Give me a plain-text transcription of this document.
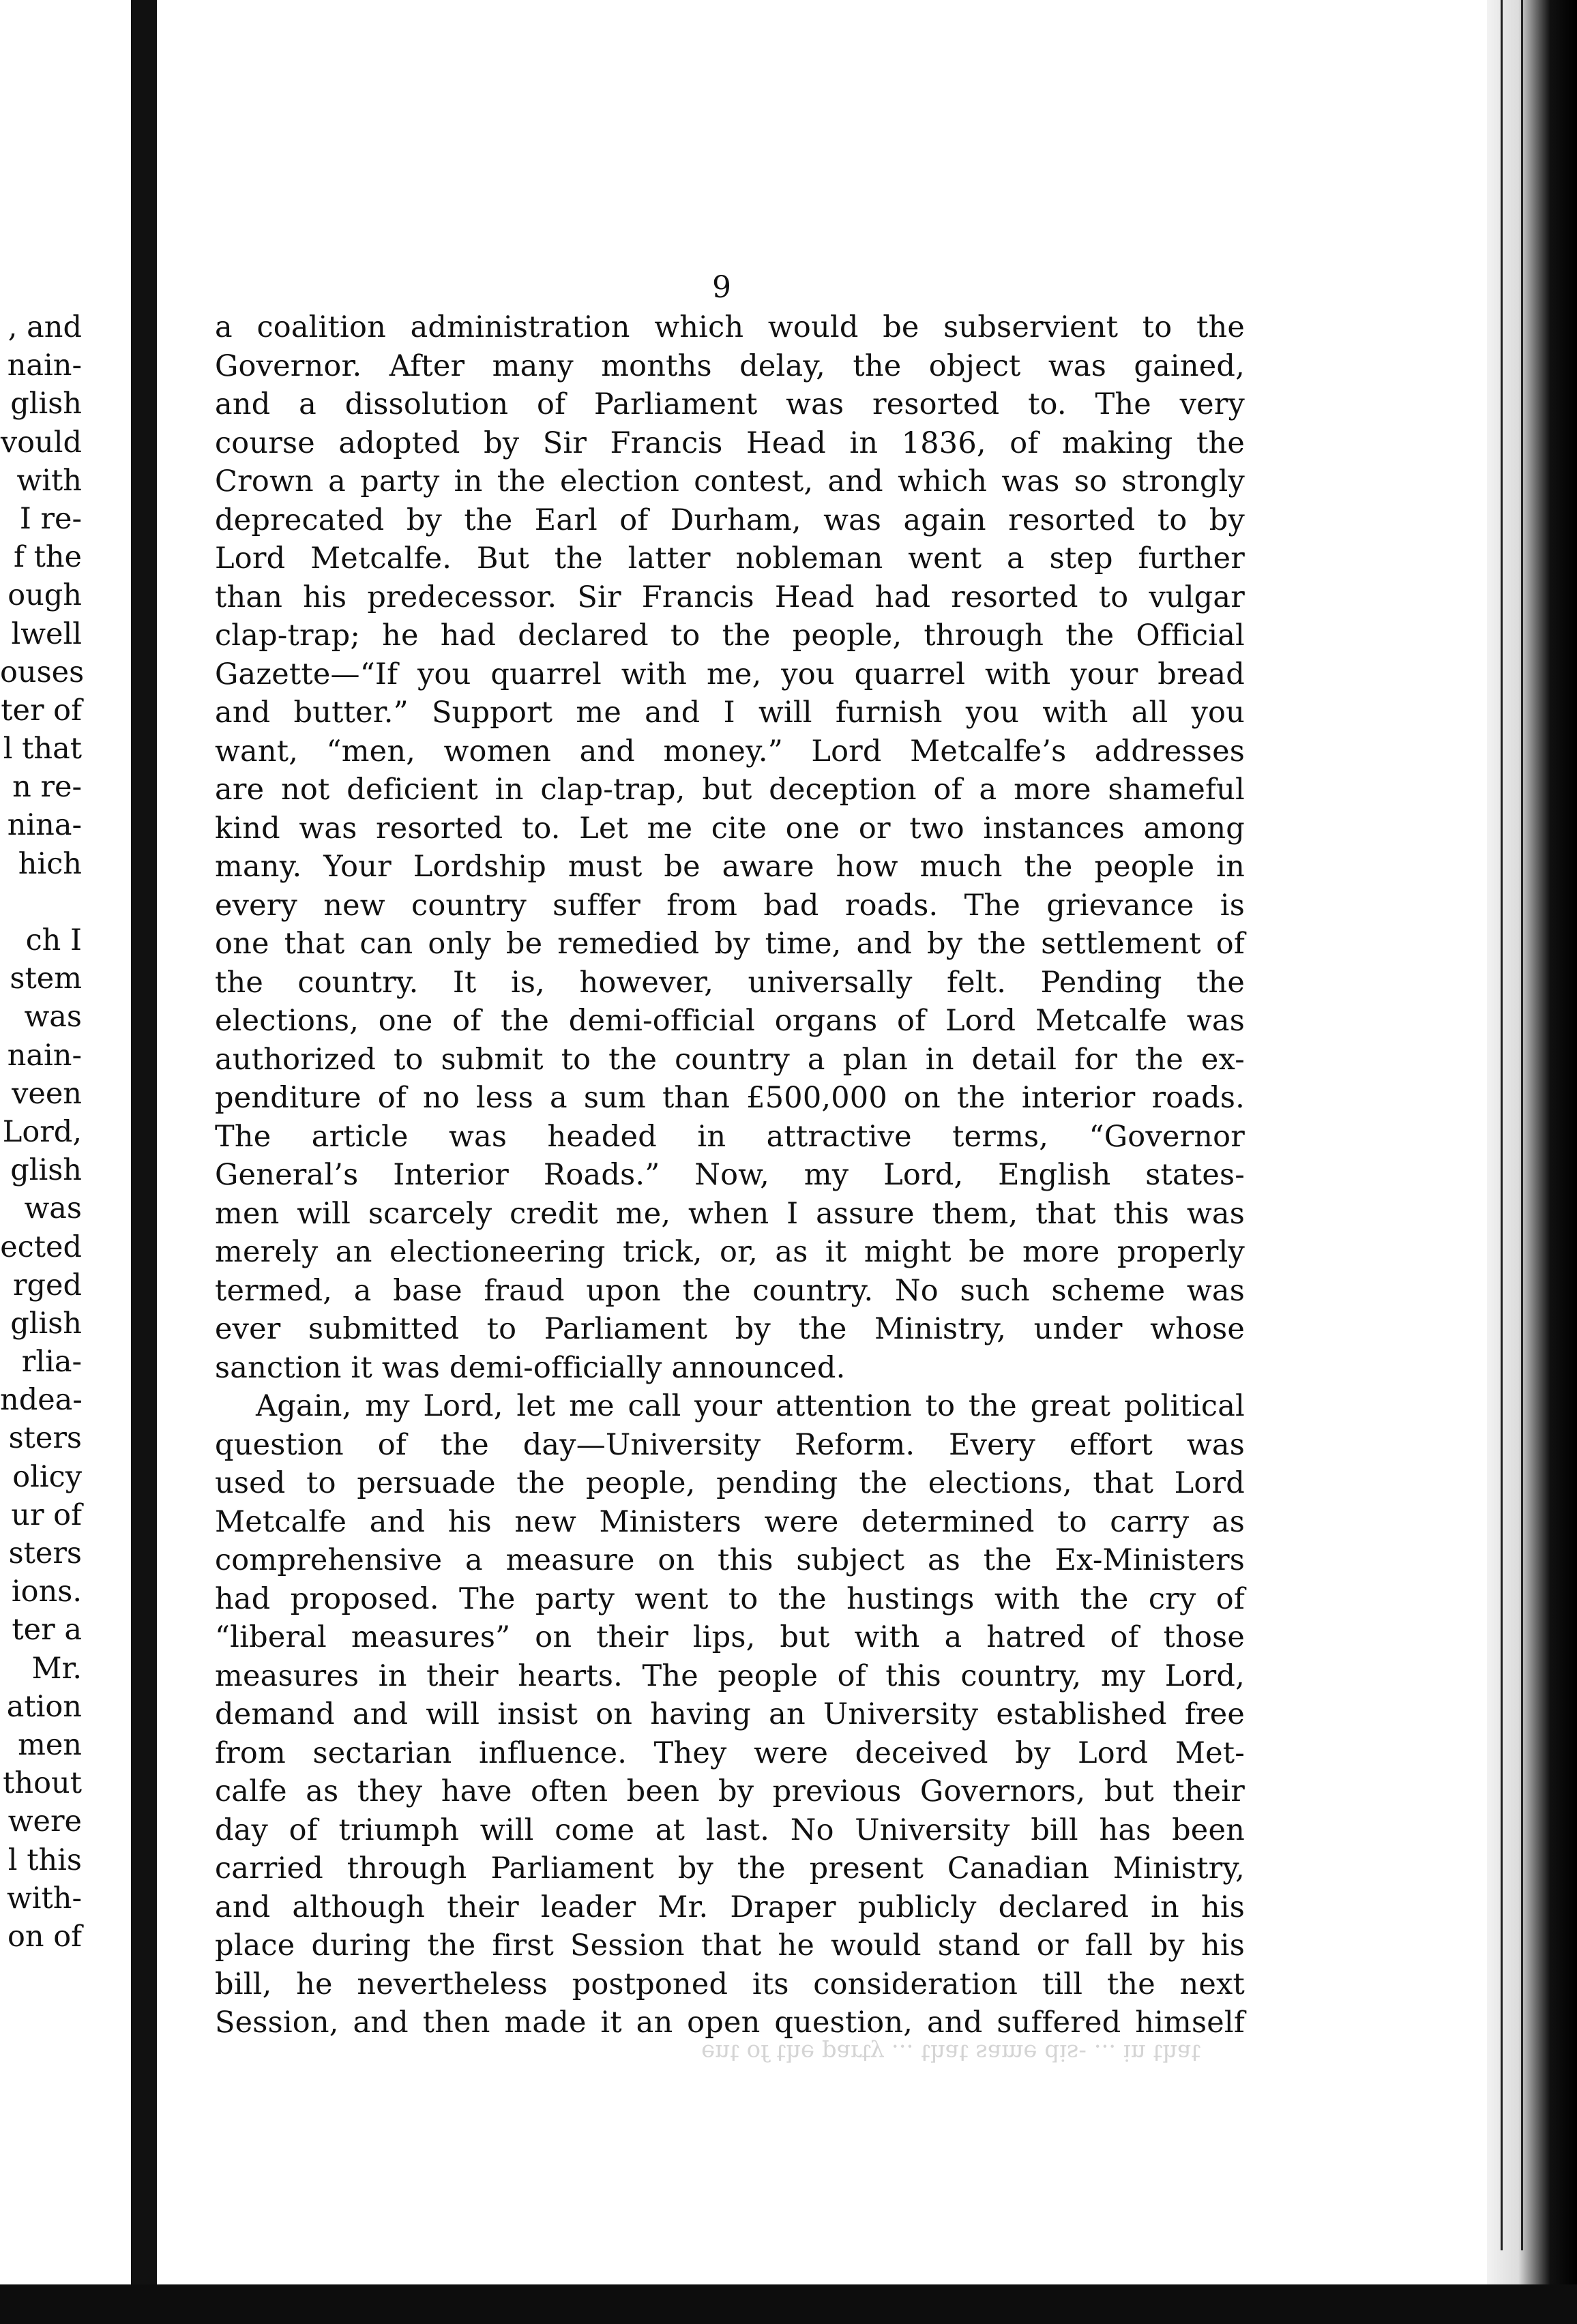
, and
nain-
glish
vould
with
I re-
f the
ough
lwell
ouses
ter of
l that
n re-
nina-
hich
ch I
stem
was
nain-
veen
Lord,
glish
was
ected
rged
glish
rlia-
ndea-
sters
olicy
ur of
sters
ions.
ter a
Mr.
ation
men
thout
were
l this
with-
on of
9
a coalition administration which would be subservient to the
Governor. After many months delay, the object was gained,
and a dissolution of Parliament was resorted to. The very
course adopted by Sir Francis Head in 1836, of making the
Crown a party in the election contest, and which was so strongly
deprecated by the Earl of Durham, was again resorted to by
Lord Metcalfe. But the latter nobleman went a step further
than his predecessor. Sir Francis Head had resorted to vulgar
clap-trap; he had declared to the people, through the Official
Gazette—“If you quarrel with me, you quarrel with your bread
and butter.” Support me and I will furnish you with all you
want, “men, women and money.” Lord Metcalfe’s addresses
are not deficient in clap-trap, but deception of a more shameful
kind was resorted to. Let me cite one or two instances among
many. Your Lordship must be aware how much the people in
every new country suffer from bad roads. The grievance is
one that can only be remedied by time, and by the settlement of
the country. It is, however, universally felt. Pending the
elections, one of the demi-official organs of Lord Metcalfe was
authorized to submit to the country a plan in detail for the ex-
penditure of no less a sum than £500,000 on the interior roads.
The article was headed in attractive terms, “Governor
General’s Interior Roads.” Now, my Lord, English states-
men will scarcely credit me, when I assure them, that this was
merely an electioneering trick, or, as it might be more properly
termed, a base fraud upon the country. No such scheme was
ever submitted to Parliament by the Ministry, under whose
sanction it was demi-officially announced.
Again, my Lord, let me call your attention to the great political
question of the day—University Reform. Every effort was
used to persuade the people, pending the elections, that Lord
Metcalfe and his new Ministers were determined to carry as
comprehensive a measure on this subject as the Ex-Ministers
had proposed. The party went to the hustings with the cry of
“liberal measures” on their lips, but with a hatred of those
measures in their hearts. The people of this country, my Lord,
demand and will insist on having an University established free
from sectarian influence. They were deceived by Lord Met-
calfe as they have often been by previous Governors, but their
day of triumph will come at last. No University bill has been
carried through Parliament by the present Canadian Ministry,
and although their leader Mr. Draper publicly declared in his
place during the first Session that he would stand or fall by his
bill, he nevertheless postponed its consideration till the next
Session, and then made it an open question, and suffered himself
ent of the party ... that same dis- ... in that
